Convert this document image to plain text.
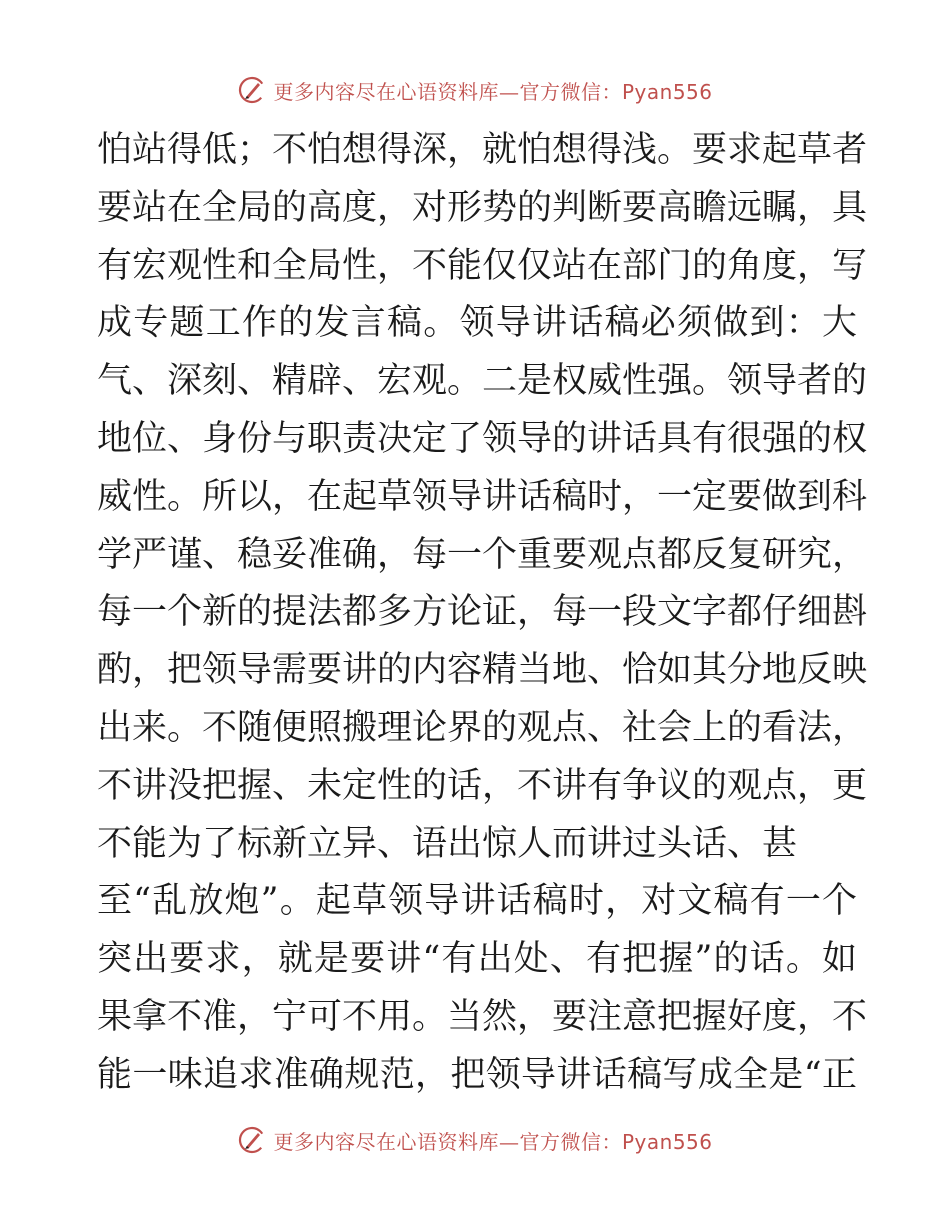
更多内容尽在心语资料库—官方微信：Pyan556
怕站得低；不怕想得深，就怕想得浅。要求起草者
要站在全局的高度，对形势的判断要高瞻远瞩，具
有宏观性和全局性，不能仅仅站在部门的角度，写
成专题工作的发言稿。领导讲话稿必须做到：大
气、深刻、精辟、宏观。二是权威性强。领导者的
地位、身份与职责决定了领导的讲话具有很强的权
威性。所以，在起草领导讲话稿时，一定要做到科
学严谨、稳妥准确，每一个重要观点都反复研究，
每一个新的提法都多方论证，每一段文字都仔细斟
酌，把领导需要讲的内容精当地、恰如其分地反映
出来。不随便照搬理论界的观点、社会上的看法，
不讲没把握、未定性的话，不讲有争议的观点，更
不能为了标新立异、语出惊人而讲过头话、甚
至“乱放炮”。起草领导讲话稿时，对文稿有一个
突出要求，就是要讲“有出处、有把握”的话。如
果拿不准，宁可不用。当然，要注意把握好度，不
能一味追求准确规范，把领导讲话稿写成全是“正
更多内容尽在心语资料库—官方微信：Pyan556
